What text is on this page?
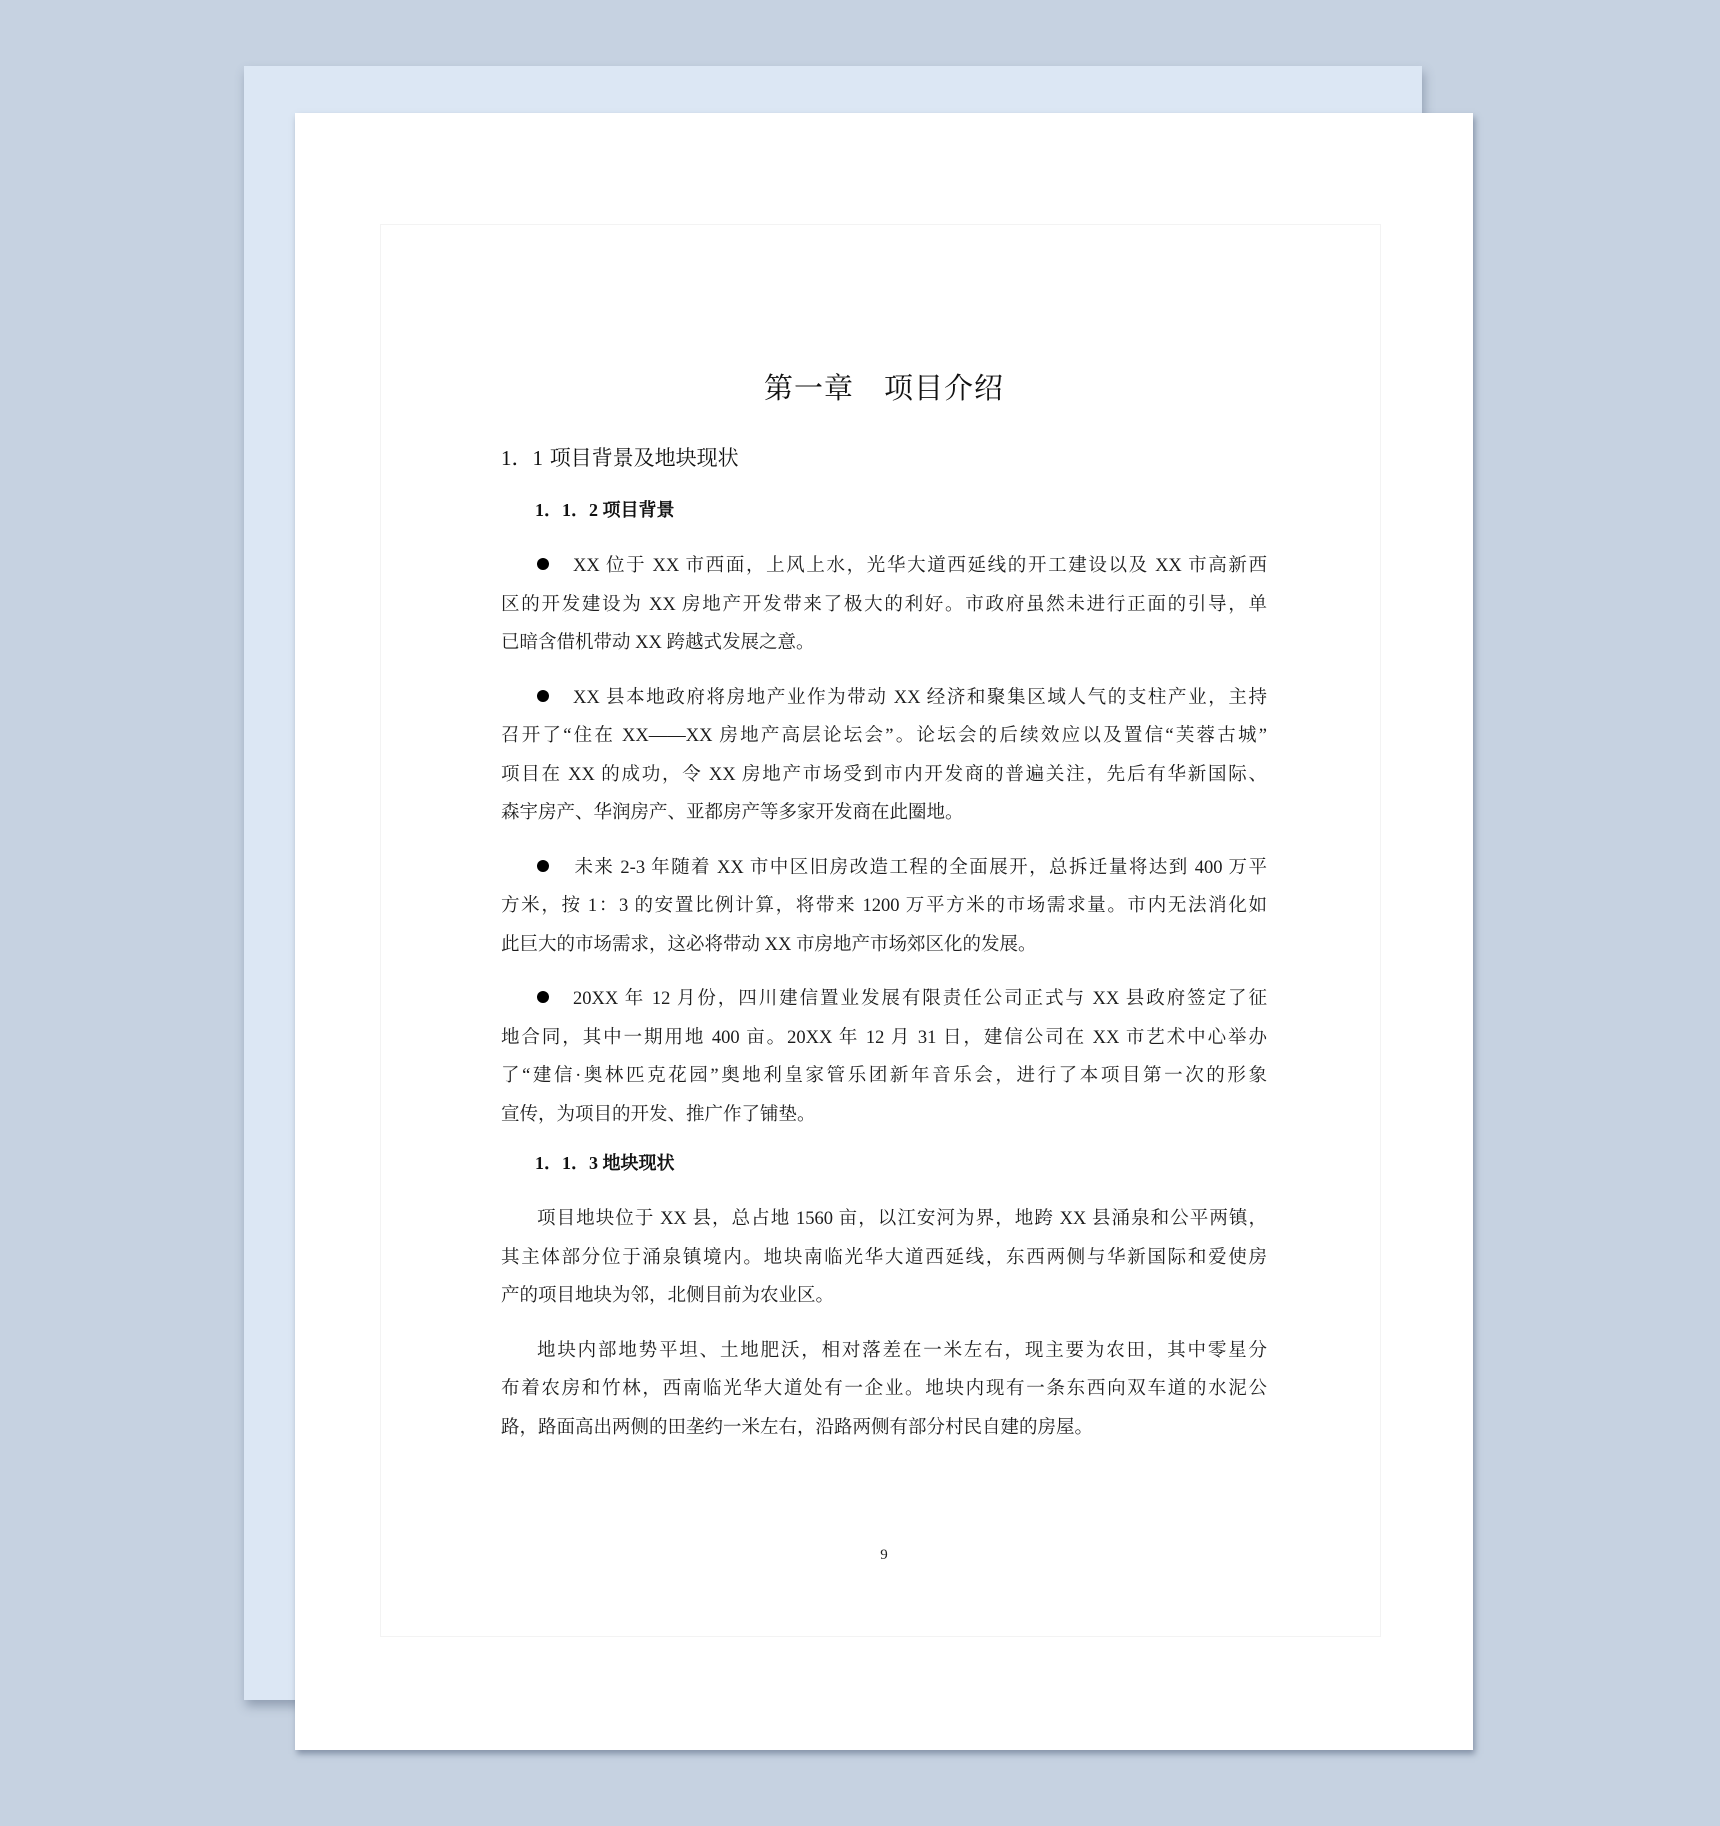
第一章　项目介绍
1．1 项目背景及地块现状
1．1．2 项目背景
XX 位于 XX 市西面，上风上水，光华大道西延线的开工建设以及 XX 市高新西
区的开发建设为 XX 房地产开发带来了极大的利好。市政府虽然未进行正面的引导，单
已暗含借机带动 XX 跨越式发展之意。
XX 县本地政府将房地产业作为带动 XX 经济和聚集区域人气的支柱产业，主持
召开了“住在 XX——XX 房地产高层论坛会”。论坛会的后续效应以及置信“芙蓉古城”
项目在 XX 的成功，令 XX 房地产市场受到市内开发商的普遍关注，先后有华新国际、
森宇房产、华润房产、亚都房产等多家开发商在此圈地。
未来 2-3 年随着 XX 市中区旧房改造工程的全面展开，总拆迁量将达到 400 万平
方米，按 1：3 的安置比例计算，将带来 1200 万平方米的市场需求量。市内无法消化如
此巨大的市场需求，这必将带动 XX 市房地产市场郊区化的发展。
20XX 年 12 月份，四川建信置业发展有限责任公司正式与 XX 县政府签定了征
地合同，其中一期用地 400 亩。20XX 年 12 月 31 日，建信公司在 XX 市艺术中心举办
了“建信·奥林匹克花园”奥地利皇家管乐团新年音乐会，进行了本项目第一次的形象
宣传，为项目的开发、推广作了铺垫。
1．1．3 地块现状
项目地块位于 XX 县，总占地 1560 亩，以江安河为界，地跨 XX 县涌泉和公平两镇，
其主体部分位于涌泉镇境内。地块南临光华大道西延线，东西两侧与华新国际和爱使房
产的项目地块为邻，北侧目前为农业区。
地块内部地势平坦、土地肥沃，相对落差在一米左右，现主要为农田，其中零星分
布着农房和竹林，西南临光华大道处有一企业。地块内现有一条东西向双车道的水泥公
路，路面高出两侧的田垄约一米左右，沿路两侧有部分村民自建的房屋。
9
